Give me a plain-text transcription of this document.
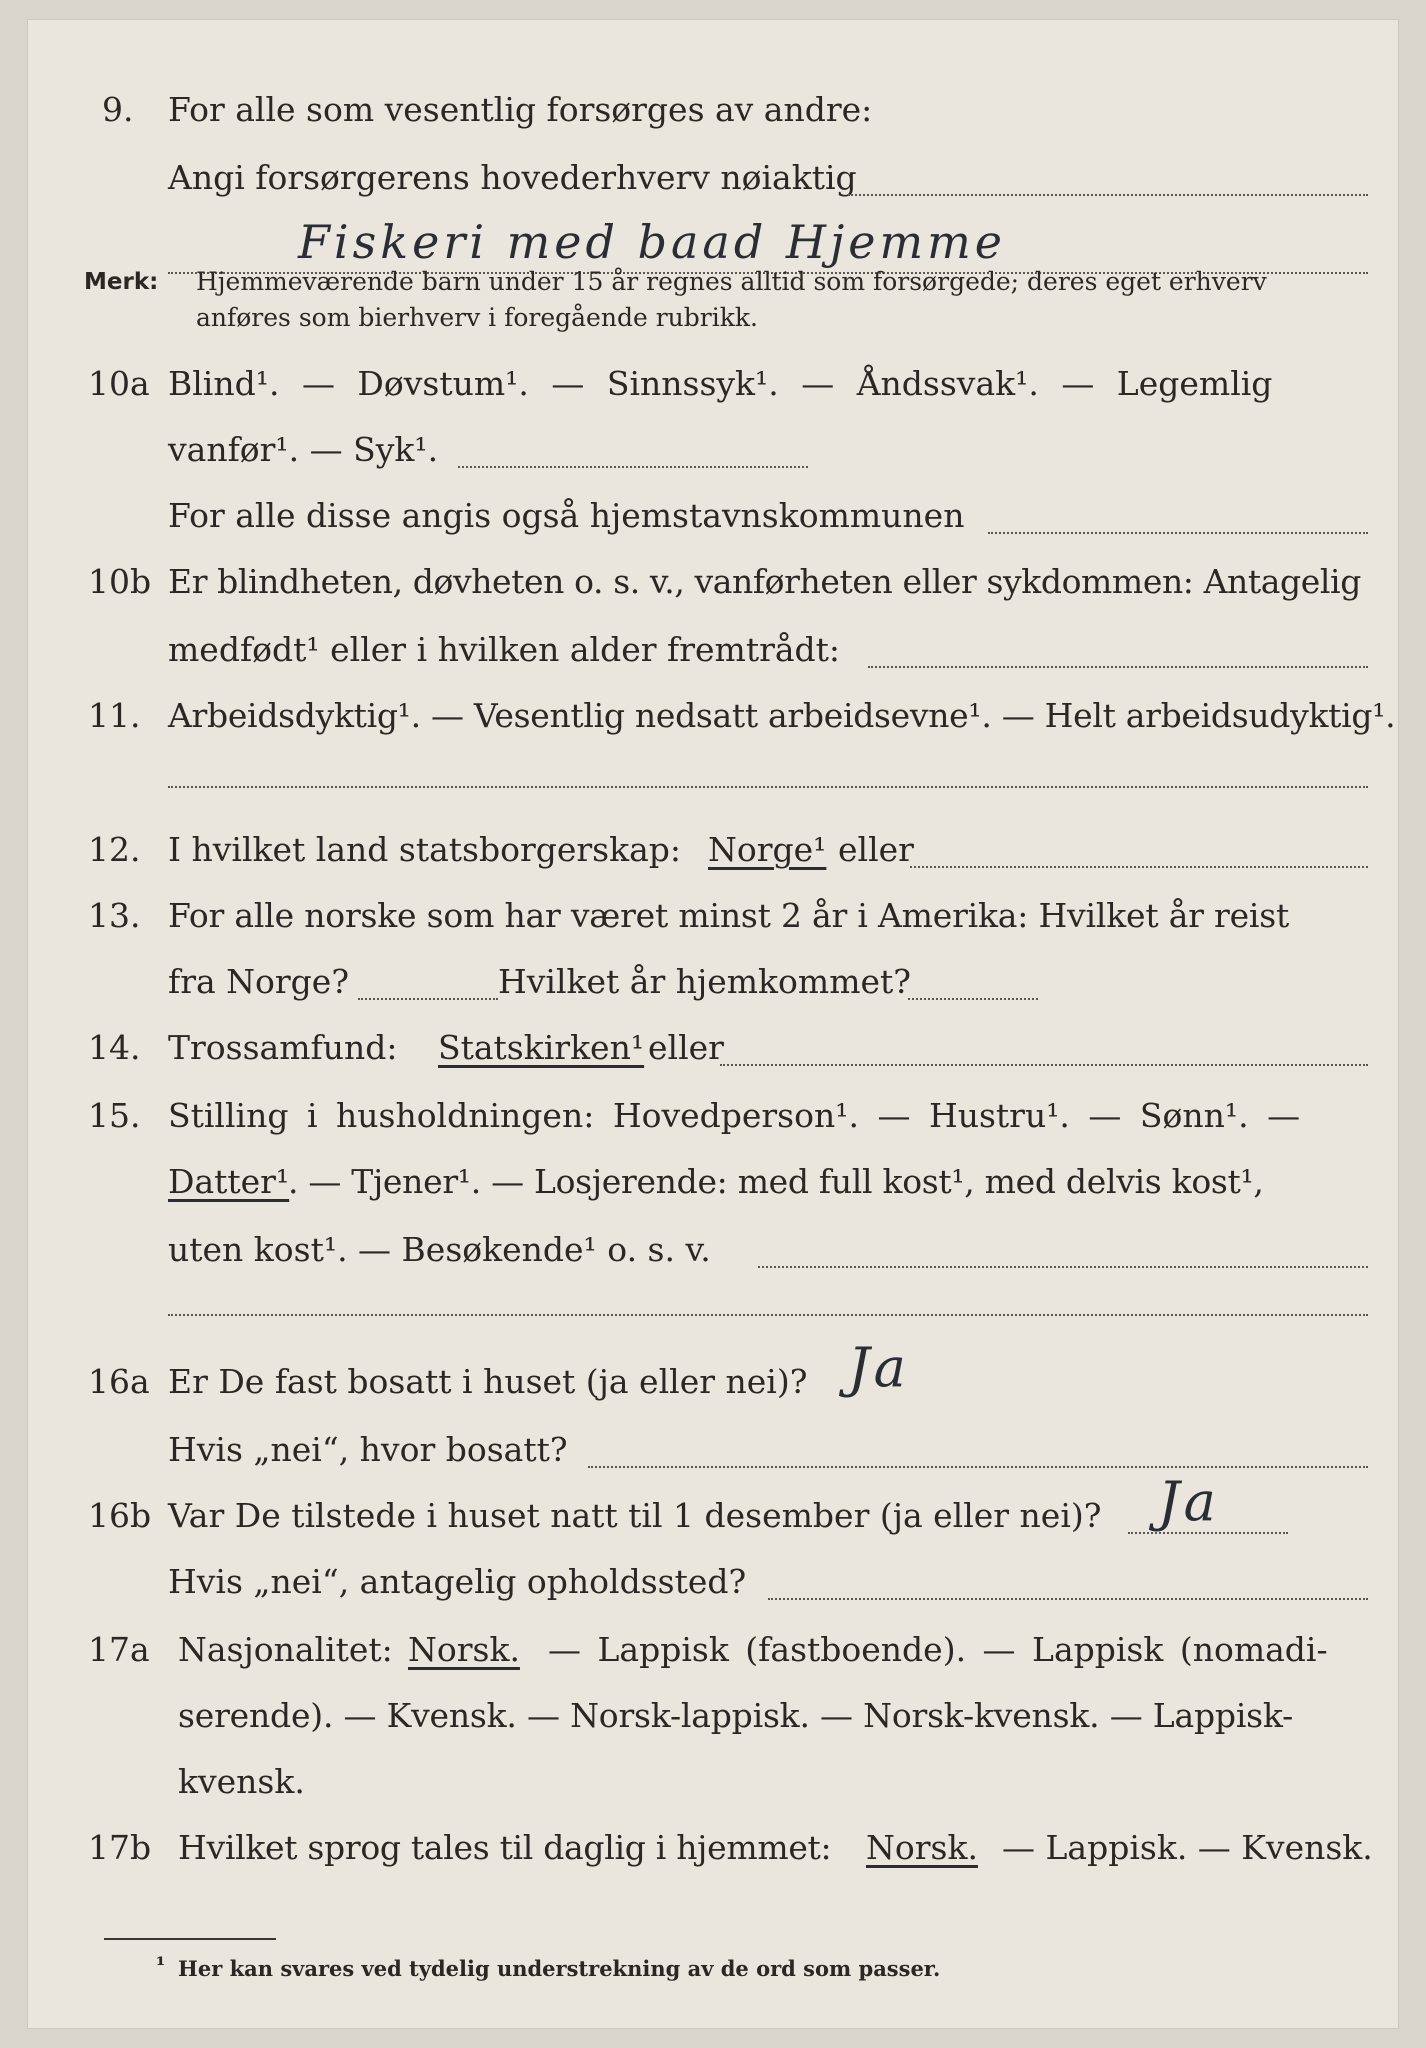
9.	For alle som vesentlig forsørges av andre:
Angi forsørgerens hovederhverv nøiaktig
Fiskeri med baad Hjemme
Merk: Hjemmeværende barn under 15 år regnes alltid som forsørgede; deres eget erhverv
anføres som bierhverv i foregående rubrikk.
10a Blind¹. — Døvstum¹. — Sinnssyk¹. — Åndssvak¹. — Legemlig
vanfør¹. — Syk¹.
For alle disse angis også hjemstavnskommunen
10b Er blindheten, døvheten o. s. v., vanførheten eller sykdommen: Antagelig
medfødt¹ eller i hvilken alder fremtrådt:
11. Arbeidsdyktig¹. — Vesentlig nedsatt arbeidsevne¹. — Helt arbeidsudyktig¹.
12. I hvilket land statsborgerskap: Norge¹ eller
13. For alle norske som har været minst 2 år i Amerika: Hvilket år reist
fra Norge?	Hvilket år hjemkommet?
14. Trossamfund: Statskirken¹ eller
15. Stilling i husholdningen: Hovedperson¹. — Hustru¹. — Sønn¹. —
Datter¹
. — Tjener¹. — Losjerende: med full kost¹, med delvis kost¹,
uten kost¹. — Besøkende¹ o. s. v.
16a Er De fast bosatt i huset (ja eller nei)? Ja
Hvis „nei“, hvor bosatt?
16b Var De tilstede i huset natt til 1 desember (ja eller nei)? Ja
Hvis „nei“, antagelig opholdssted?
17a Nasjonalitet: Norsk. — Lappisk (fastboende). — Lappisk (nomadi-
serende). — Kvensk. — Norsk-lappisk. — Norsk-kvensk. — Lappisk-
kvensk.
17b Hvilket sprog tales til daglig i hjemmet: Norsk. — Lappisk. — Kvensk.
¹ Her kan svares ved tydelig understrekning av de ord som passer.
